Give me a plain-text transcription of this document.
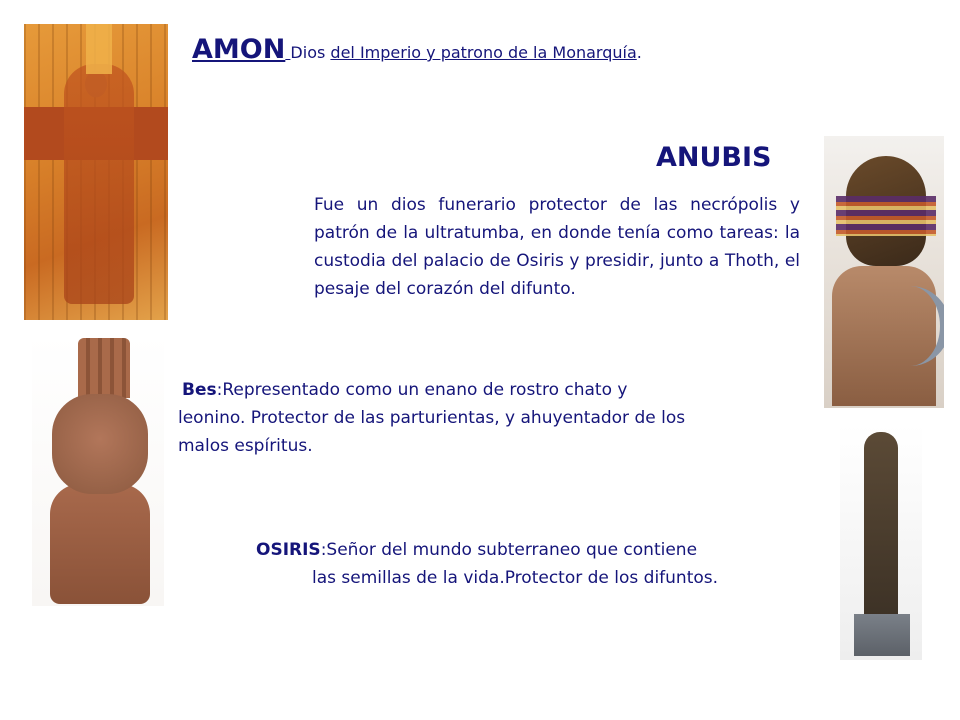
AMON Dios del Imperio y patrono de la Monarquía.
ANUBIS
Fue un dios funerario protector de las necrópolis y patrón de la ultratumba, en donde tenía como tareas: la custodia del palacio de Osiris y presidir, junto a Thoth, el pesaje del corazón del difunto.
Bes:Representado como un enano de rostro chato y leonino. Protector de las parturientas, y ahuyentador de los malos espíritus.
OSIRIS:Señor del mundo subterraneo que contiene
las semillas de la vida.Protector de los difuntos.
